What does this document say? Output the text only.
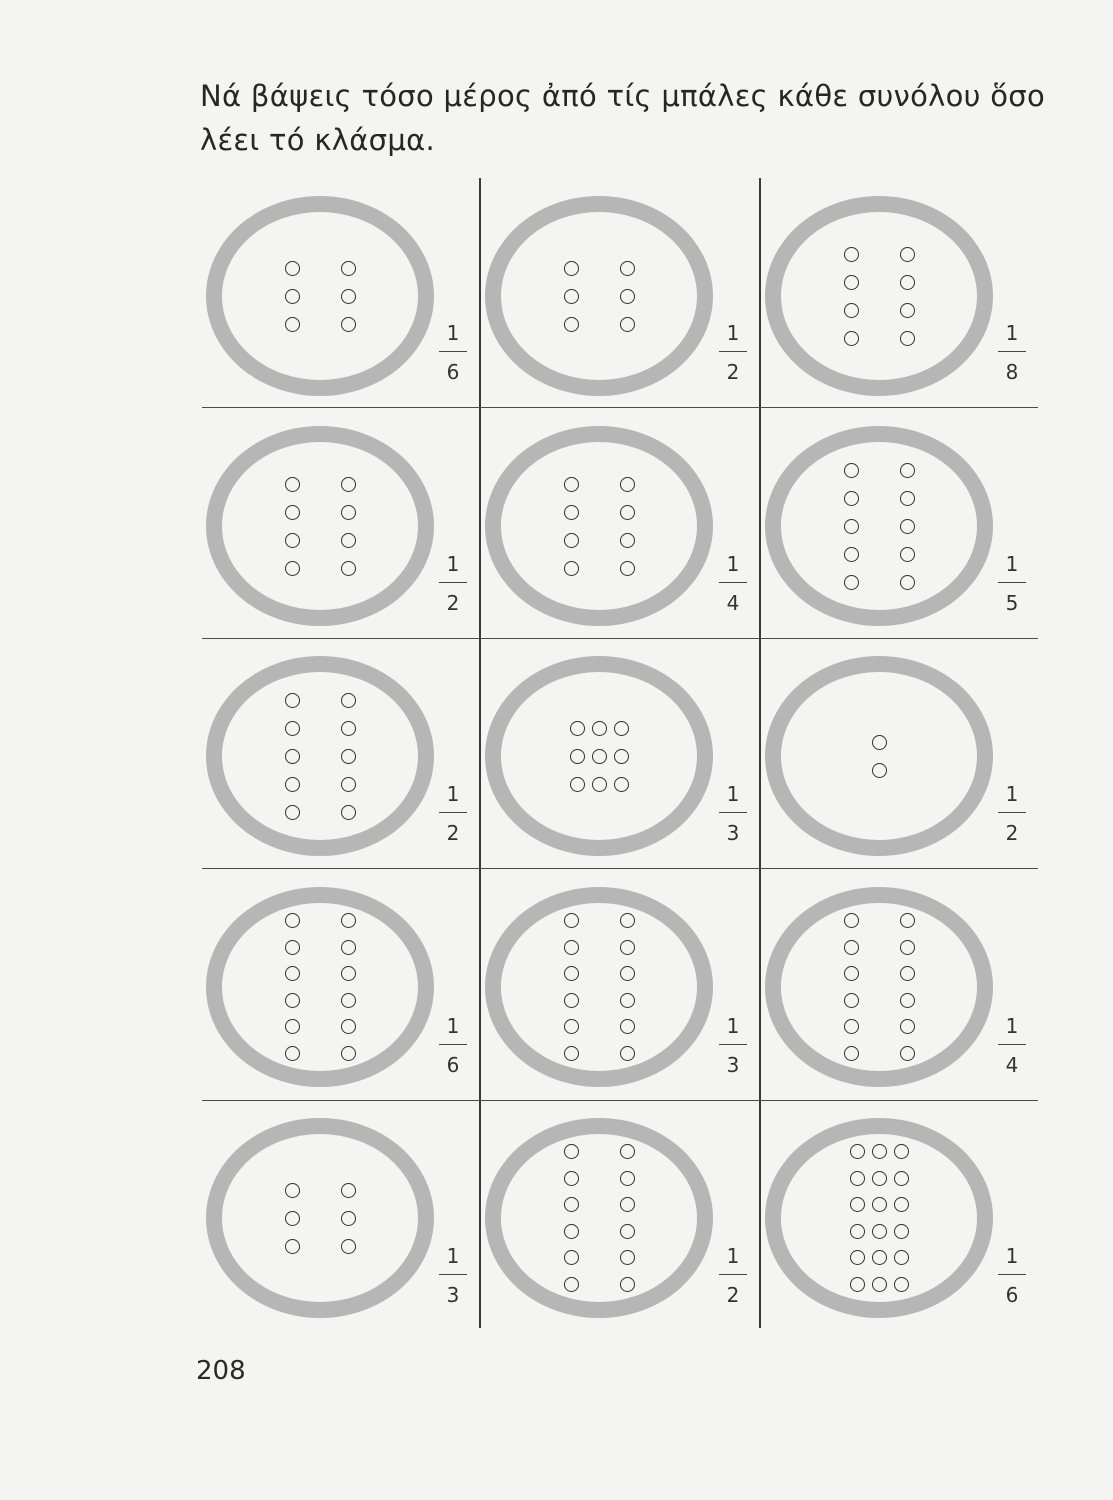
Νά βάψεις τόσο μέρος ἀπό τίς μπάλες κάθε συνόλου ὅσο λέει τό κλάσμα.
1
6
1
2
1
8
1
2
1
4
1
5
1
2
1
3
1
2
1
6
1
3
1
4
1
3
1
2
1
6
208
